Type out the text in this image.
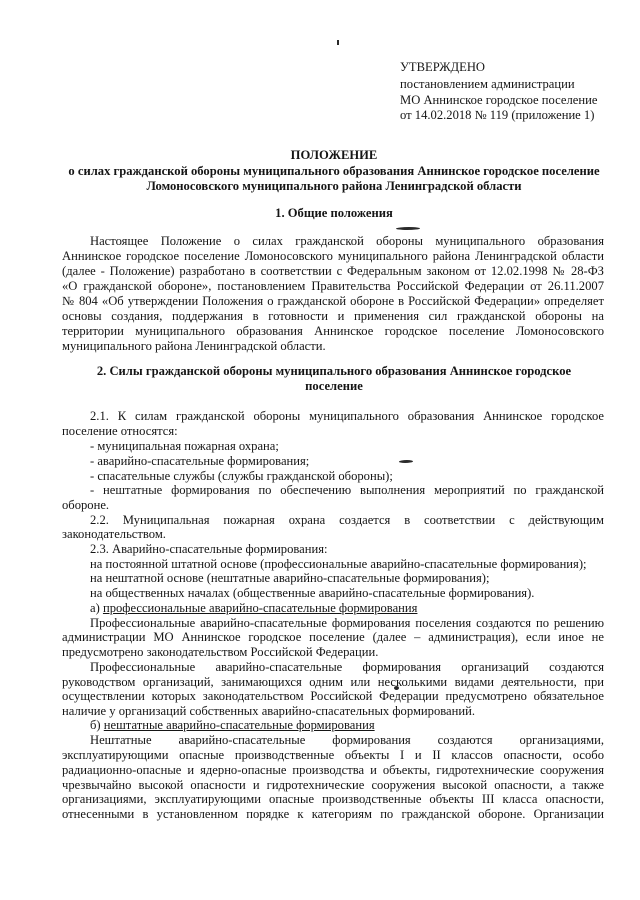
УТВЕРЖДЕНО
постановлением администрации
МО Аннинское городское поселение
от 14.02.2018 № 119 (приложение 1)
ПОЛОЖЕНИЕ
о силах гражданской обороны муниципального образования Аннинское городское поселение
Ломоносовского муниципального района Ленинградской области
1. Общие положения
Настоящее Положение о силах гражданской обороны муниципального образования
Аннинское городское поселение Ломоносовского муниципального района Ленинградской области
(далее - Положение) разработано в соответствии с Федеральным законом от 12.02.1998 № 28-ФЗ
«О гражданской обороне», постановлением Правительства Российской Федерации от 26.11.2007
№ 804 «Об утверждении Положения о гражданской обороне в Российской Федерации» определяет
основы создания, поддержания в готовности и применения сил гражданской обороны на
территории муниципального образования Аннинское городское поселение Ломоносовского
муниципального района Ленинградской области.
2. Силы гражданской обороны муниципального образования Аннинское городское
поселение
2.1. К силам гражданской обороны муниципального образования Аннинское городское
поселение относятся:
- муниципальная пожарная охрана;
- аварийно-спасательные формирования;
- спасательные службы (службы гражданской обороны);
- нештатные формирования по обеспечению выполнения мероприятий по гражданской
обороне.
2.2. Муниципальная пожарная охрана создается в соответствии с действующим
законодательством.
2.3. Аварийно-спасательные формирования:
на постоянной штатной основе (профессиональные аварийно-спасательные формирования);
на нештатной основе (нештатные аварийно-спасательные формирования);
на общественных началах (общественные аварийно-спасательные формирования).
а) профессиональные аварийно-спасательные формирования
Профессиональные аварийно-спасательные формирования поселения создаются по решению
администрации МО Аннинское городское поселение (далее – администрация), если иное не
предусмотрено законодательством Российской Федерации.
Профессиональные аварийно-спасательные формирования организаций создаются
руководством организаций, занимающихся одним или несколькими видами деятельности, при
осуществлении которых законодательством Российской Федерации предусмотрено обязательное
наличие у организаций собственных аварийно-спасательных формирований.
б) нештатные аварийно-спасательные формирования
Нештатные аварийно-спасательные формирования создаются организациями,
эксплуатирующими опасные производственные объекты I и II классов опасности, особо
радиационно-опасные и ядерно-опасные производства и объекты, гидротехнические сооружения
чрезвычайно высокой опасности и гидротехнические сооружения высокой опасности, а также
организациями, эксплуатирующими опасные производственные объекты III класса опасности,
отнесенными в установленном порядке к категориям по гражданской обороне. Организации
